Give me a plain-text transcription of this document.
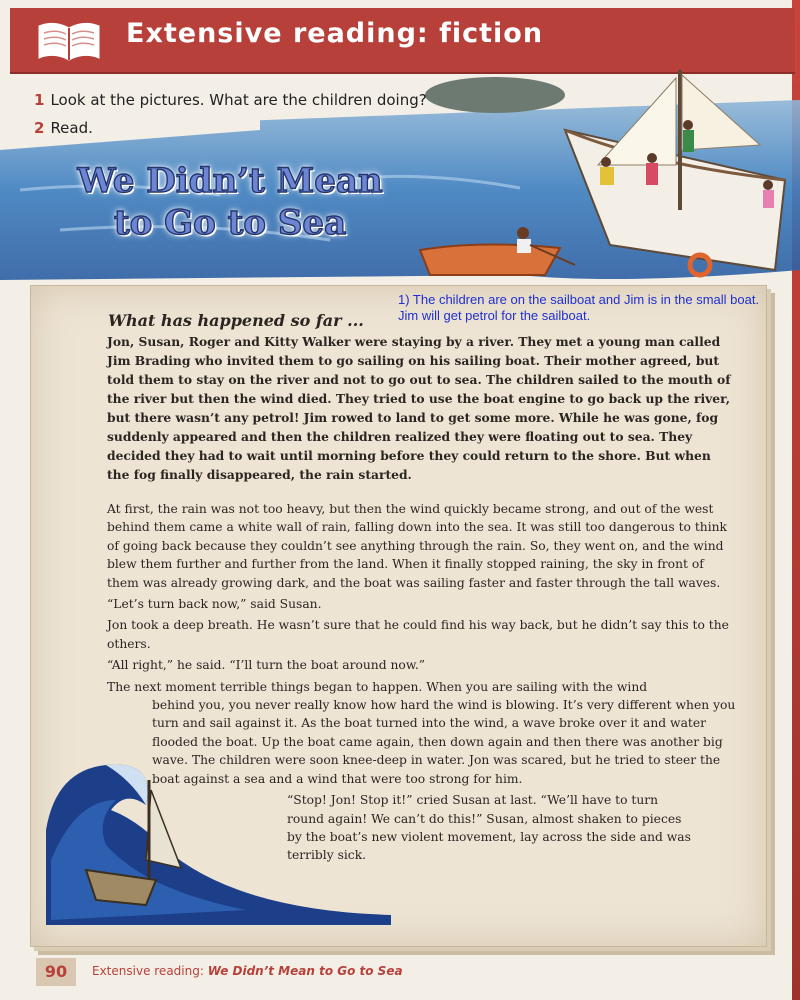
Extensive reading: fiction
1 Look at the pictures. What are the children doing?
2 Read.
We Didn’t Mean
to Go to Sea
1) The children are on the sailboat and Jim is in the small boat. Jim will get petrol for the sailboat.
What has happened so far ...
Jon, Susan, Roger and Kitty Walker were staying by a river. They met a young man called Jim Brading who invited them to go sailing on his sailing boat. Their mother agreed, but told them to stay on the river and not to go out to sea. The children sailed to the mouth of the river but then the wind died. They tried to use the boat engine to go back up the river, but there wasn’t any petrol! Jim rowed to land to get some more. While he was gone, fog suddenly appeared and then the children realized they were floating out to sea. They decided they had to wait until morning before they could return to the shore. But when the fog finally disappeared, the rain started.

At first, the rain was not too heavy, but then the wind quickly became strong, and out of the west behind them came a white wall of rain, falling down into the sea. It was still too dangerous to think of going back because they couldn’t see anything through the rain. So, they went on, and the wind blew them further and further from the land. When it finally stopped raining, the sky in front of them was already growing dark, and the boat was sailing faster and faster through the tall waves.

“Let’s turn back now,” said Susan.

Jon took a deep breath. He wasn’t sure that he could find his way back, but he didn’t say this to the others.

“All right,” he said. “I’ll turn the boat around now.”

The next moment terrible things began to happen. When you are sailing with the wind

behind you, you never really know how hard the wind is blowing. It’s very different when you turn and sail against it. As the boat turned into the wind, a wave broke over it and water flooded the boat. Up the boat came again, then down again and then there was another big wave. The children were soon knee-deep in water. Jon was scared, but he tried to steer the boat against a sea and a wind that were too strong for him.

“Stop! Jon! Stop it!” cried Susan at last. “We’ll have to turn round again! We can’t do this!” Susan, almost shaken to pieces by the boat’s new violent movement, lay across the side and was terribly sick.

90	Extensive reading: We Didn’t Mean to Go to Sea
